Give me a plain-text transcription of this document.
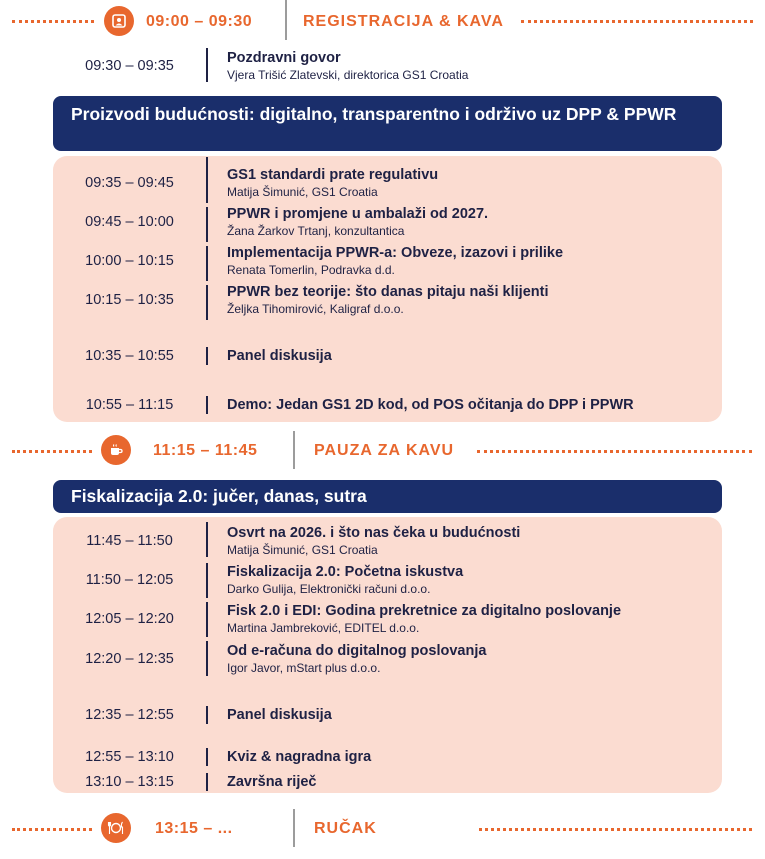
09:00 – 09:30	REGISTRACIJA & KAVA
09:30 – 09:35	Pozdravni govor
Vjera Trišić Zlatevski, direktorica GS1 Croatia
Proizvodi budućnosti: digitalno, transparentno i održivo uz DPP & PPWR
09:35 – 09:45	GS1 standardi prate regulativu
Matija Šimunić, GS1 Croatia
09:45 – 10:00	PPWR i promjene u ambalaži od 2027.
Žana Žarkov Trtanj, konzultantica
10:00 – 10:15	Implementacija PPWR-a: Obveze, izazovi i prilike
Renata Tomerlin, Podravka d.d.
10:15 – 10:35	PPWR bez teorije: što danas pitaju naši klijenti
Željka Tihomirović, Kaligraf d.o.o.
10:35 – 10:55	Panel diskusija
10:55 – 11:15	Demo: Jedan GS1 2D kod, od POS očitanja do DPP i PPWR
11:15 – 11:45	PAUZA ZA KAVU
Fiskalizacija 2.0: jučer, danas, sutra
11:45 – 11:50	Osvrt na 2026. i što nas čeka u budućnosti
Matija Šimunić, GS1 Croatia
11:50 – 12:05	Fiskalizacija 2.0: Početna iskustva
Darko Gulija, Elektronički računi d.o.o.
12:05 – 12:20	Fisk 2.0 i EDI: Godina prekretnice za digitalno poslovanje
Martina Jambreković, EDITEL d.o.o.
12:20 – 12:35	Od e-računa do digitalnog poslovanja
Igor Javor, mStart plus d.o.o.
12:35 – 12:55	Panel diskusija
12:55 – 13:10	Kviz & nagradna igra
13:10 – 13:15	Završna riječ
13:15 – ...	RUČAK
